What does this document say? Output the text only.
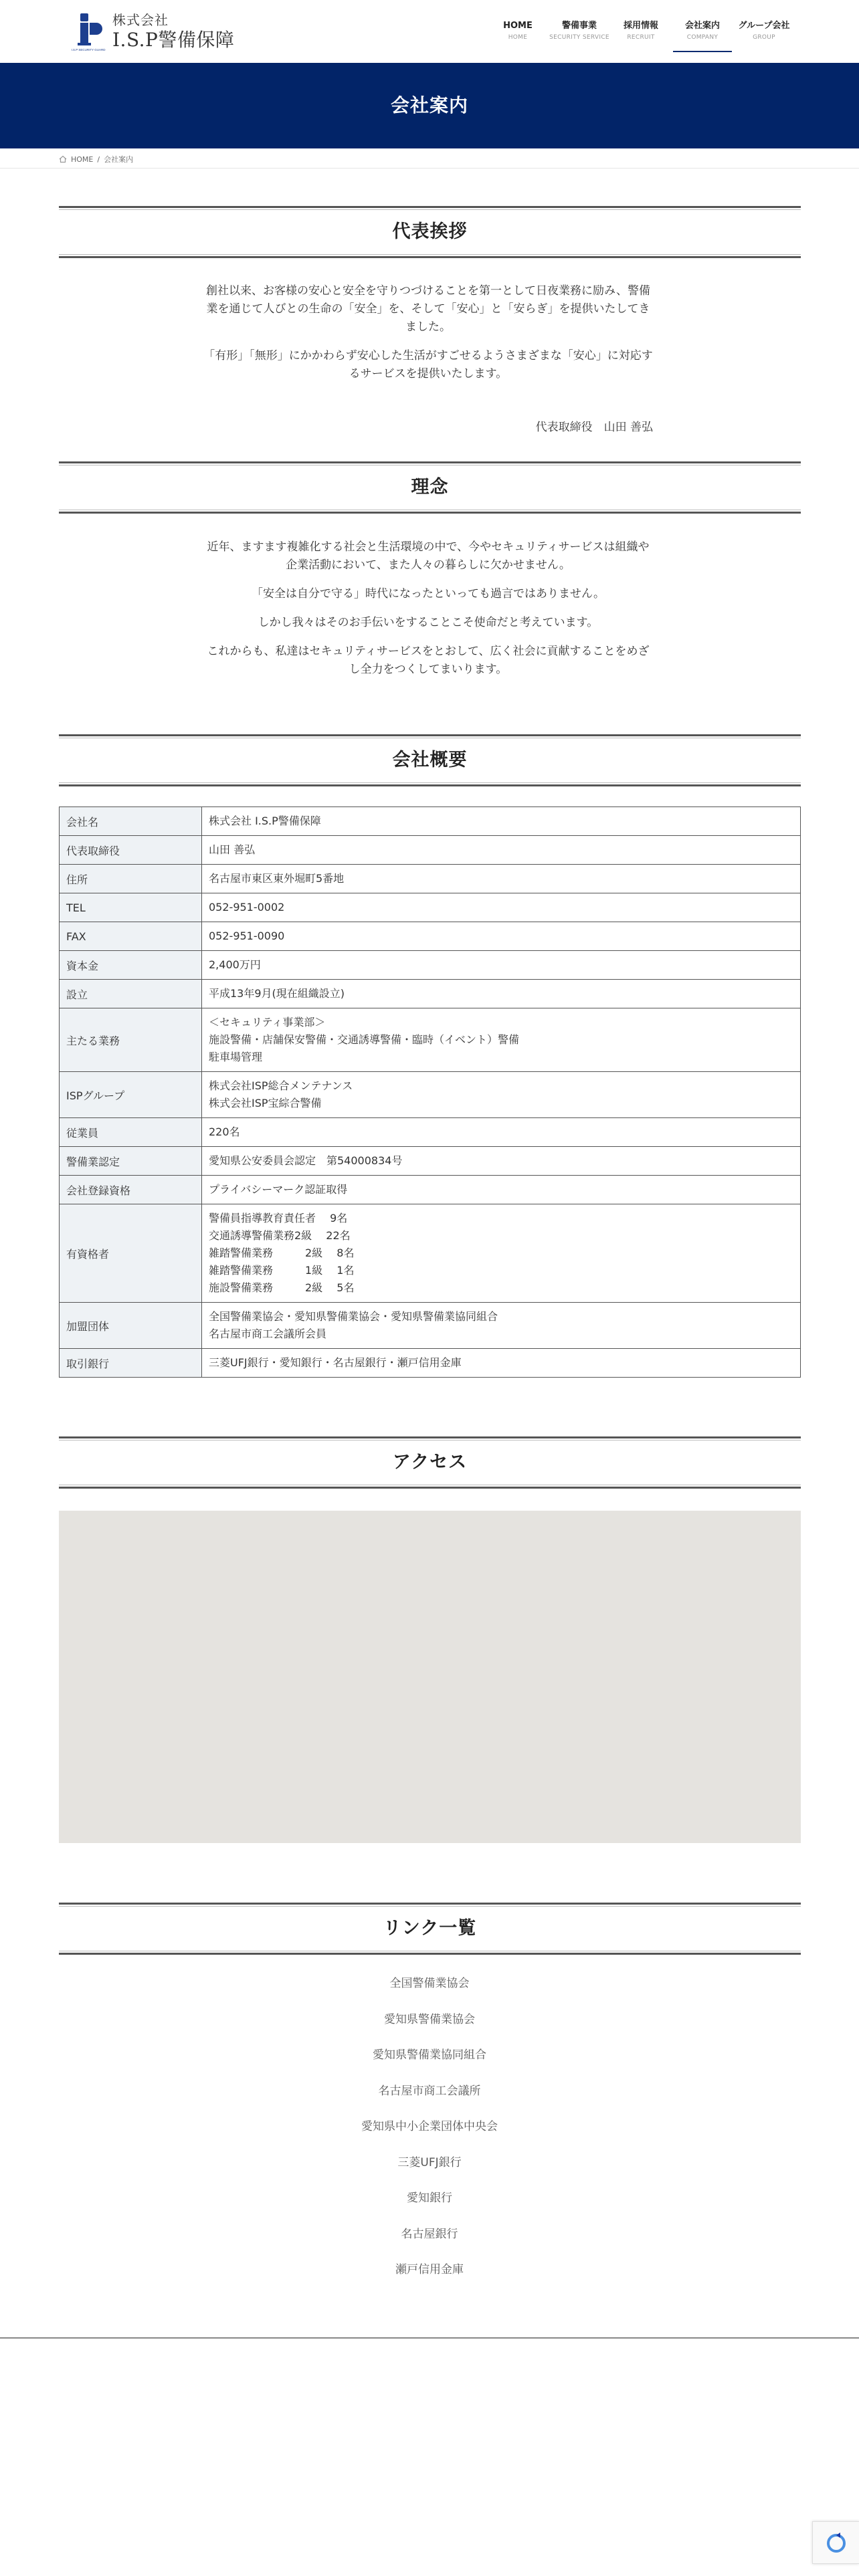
I.S.P SECURITY GUARD
株式会社
I.S.P警備保障
HOME
HOME
警備事業
SECURITY SERVICE
採用情報
RECRUIT
会社案内
COMPANY
グループ会社
GROUP
会社案内
HOME / 会社案内
代表挨拶

創社以来、お客様の安心と安全を守りつづけることを第一として日夜業務に励み、警備業を通じて人びとの生命の「安全」を、そして「安心」と「安らぎ」を提供いたしてきました。

「有形」「無形」にかかわらず安心した生活がすごせるようさまざまな「安心」に対応するサービスを提供いたします。

代表取締役　山田 善弘
理念

近年、ますます複雑化する社会と生活環境の中で、今やセキュリティサービスは組織や企業活動において、また人々の暮らしに欠かせません。

「安全は自分で守る」時代になったといっても過言ではありません。

しかし我々はそのお手伝いをすることこそ使命だと考えています。

これからも、私達はセキュリティサービスをとおして、広く社会に貢献することをめざし全力をつくしてまいります。

会社概要
会社名	株式会社 I.S.P警備保障

代表取締役	山田 善弘

住所	名古屋市東区東外堀町5番地

TEL	052-951-0002

FAX	052-951-0090

資本金	2,400万円

設立	平成13年9月(現在組織設立)

主たる業務	＜セキュリティ事業部＞
施設警備・店舗保安警備・交通誘導警備・臨時（イベント）警備
駐車場管理

ISPグループ	株式会社ISP総合メンテナンス
株式会社ISP宝綜合警備

従業員	220名

警備業認定	愛知県公安委員会認定　第54000834号

会社登録資格	プライバシーマーク認証取得

有資格者	警備員指導教育責任者　 9名
交通誘導警備業務2級　 22名
雑踏警備業務　　　2級　 8名
雑踏警備業務　　　1級　 1名
施設警備業務　　　2級　 5名

加盟団体	全国警備業協会・愛知県警備業協会・愛知県警備業協同組合
名古屋市商工会議所会員

取引銀行	三菱UFJ銀行・愛知銀行・名古屋銀行・瀬戸信用金庫
アクセス
リンク一覧
全国警備業協会
愛知県警備業協会
愛知県警備業協同組合
名古屋市商工会議所
愛知県中小企業団体中央会
三菱UFJ銀行
愛知銀行
名古屋銀行
瀬戸信用金庫
